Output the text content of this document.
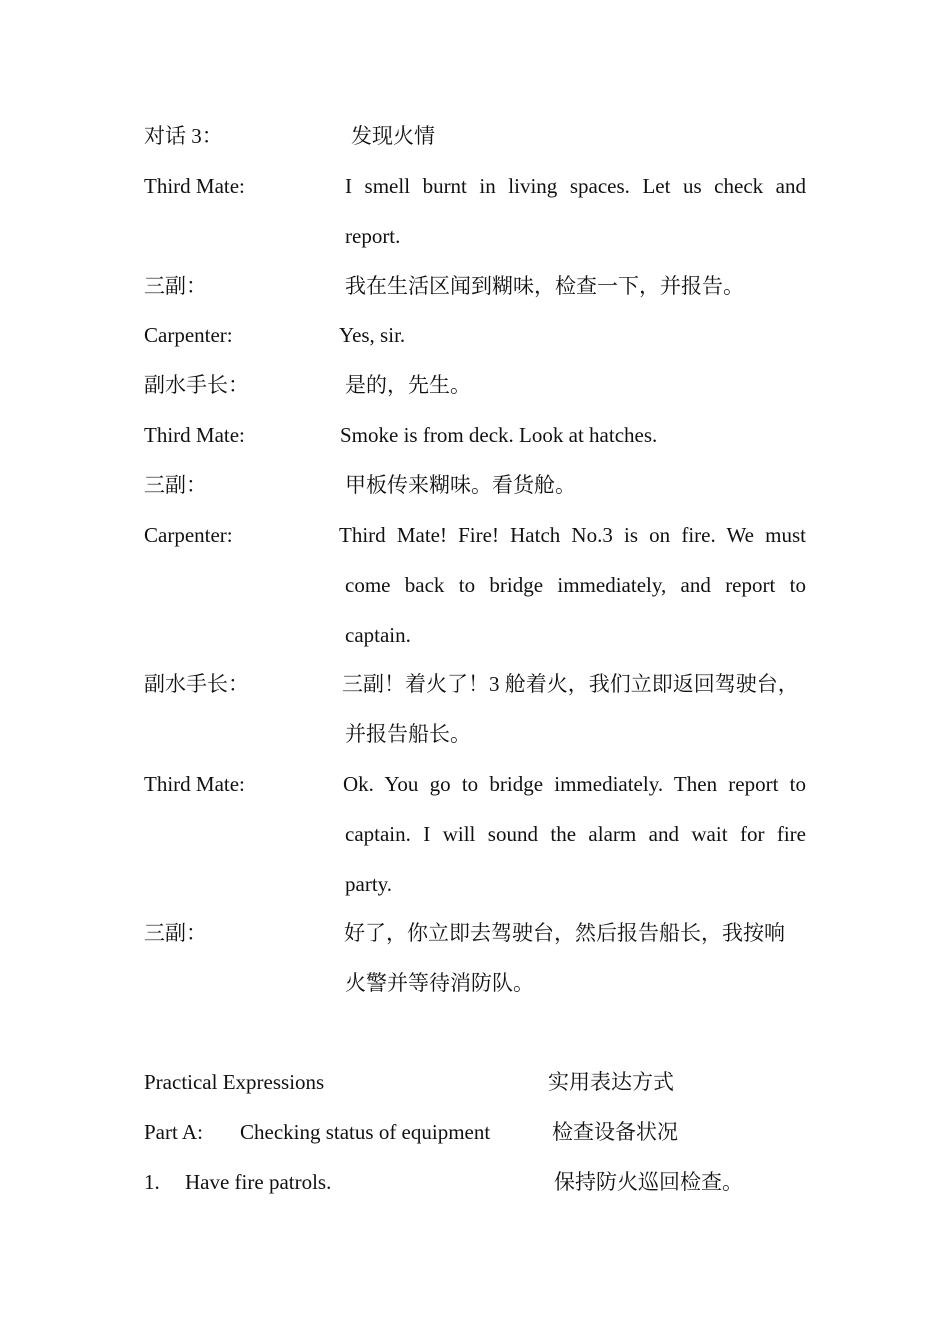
对话 3：	发现火情
Third Mate:	I smell burnt in living spaces. Let us check and
report.
三副：	我在生活区闻到糊味，检查一下，并报告。
Carpenter:	Yes, sir.
副水手长：	是的，先生。
Third Mate:	Smoke is from deck. Look at hatches.
三副：	甲板传来糊味。看货舱。
Carpenter:	Third Mate! Fire! Hatch No.3 is on fire. We must
come back to bridge immediately, and report to
captain.
副水手长：	三副！着火了！3 舱着火，我们立即返回驾驶台，
并报告船长。
Third Mate:	Ok. You go to bridge immediately. Then report to
captain. I will sound the alarm and wait for fire
party.
三副：	好了，你立即去驾驶台，然后报告船长，我按响
火警并等待消防队。
Practical Expressions	实用表达方式
Part A: Checking status of equipment	检查设备状况
1. Have fire patrols.	保持防火巡回检查。
